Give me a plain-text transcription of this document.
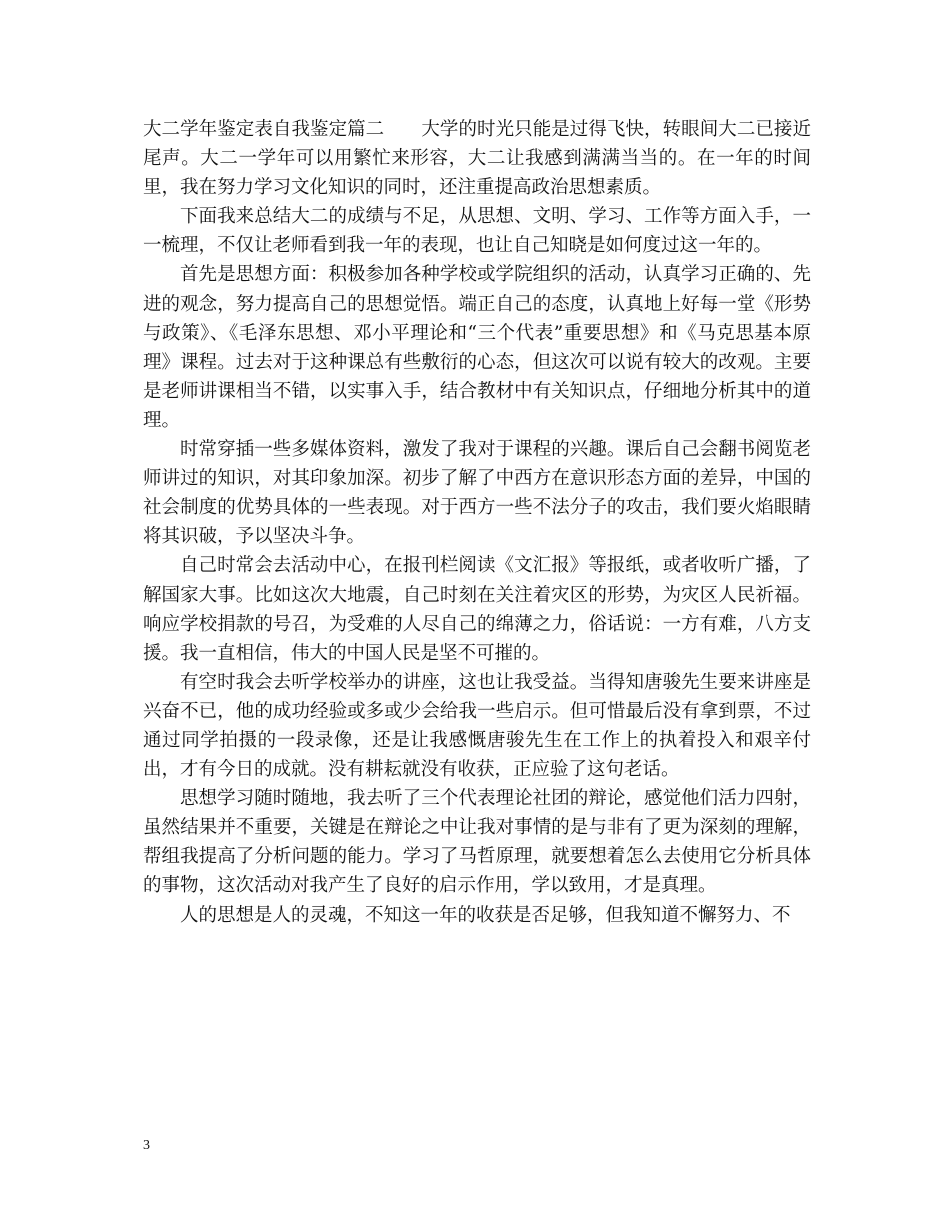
大二学年鉴定表自我鉴定篇二　　大学的时光只能是过得飞快，转眼间大二已接近尾声。大二一学年可以用繁忙来形容，大二让我感到满满当当的。在一年的时间里，我在努力学习文化知识的同时，还注重提高政治思想素质。

下面我来总结大二的成绩与不足，从思想、文明、学习、工作等方面入手，一一梳理，不仅让老师看到我一年的表现，也让自己知晓是如何度过这一年的。

首先是思想方面：积极参加各种学校或学院组织的活动，认真学习正确的、先进的观念，努力提高自己的思想觉悟。端正自己的态度，认真地上好每一堂《形势与政策》、《毛泽东思想、邓小平理论和“三个代表”重要思想》和《马克思基本原理》课程。过去对于这种课总有些敷衍的心态，但这次可以说有较大的改观。主要是老师讲课相当不错，以实事入手，结合教材中有关知识点，仔细地分析其中的道理。

时常穿插一些多媒体资料，激发了我对于课程的兴趣。课后自己会翻书阅览老师讲过的知识，对其印象加深。初步了解了中西方在意识形态方面的差异，中国的社会制度的优势具体的一些表现。对于西方一些不法分子的攻击，我们要火焰眼睛将其识破，予以坚决斗争。

自己时常会去活动中心，在报刊栏阅读《文汇报》等报纸，或者收听广播，了解国家大事。比如这次大地震，自己时刻在关注着灾区的形势，为灾区人民祈福。响应学校捐款的号召，为受难的人尽自己的绵薄之力，俗话说：一方有难，八方支援。我一直相信，伟大的中国人民是坚不可摧的。

有空时我会去听学校举办的讲座，这也让我受益。当得知唐骏先生要来讲座是兴奋不已，他的成功经验或多或少会给我一些启示。但可惜最后没有拿到票，不过通过同学拍摄的一段录像，还是让我感慨唐骏先生在工作上的执着投入和艰辛付出，才有今日的成就。没有耕耘就没有收获，正应验了这句老话。

思想学习随时随地，我去听了三个代表理论社团的辩论，感觉他们活力四射，虽然结果并不重要，关键是在辩论之中让我对事情的是与非有了更为深刻的理解，帮组我提高了分析问题的能力。学习了马哲原理，就要想着怎么去使用它分析具体的事物，这次活动对我产生了良好的启示作用，学以致用，才是真理。

人的思想是人的灵魂，不知这一年的收获是否足够，但我知道不懈努力、不

3
